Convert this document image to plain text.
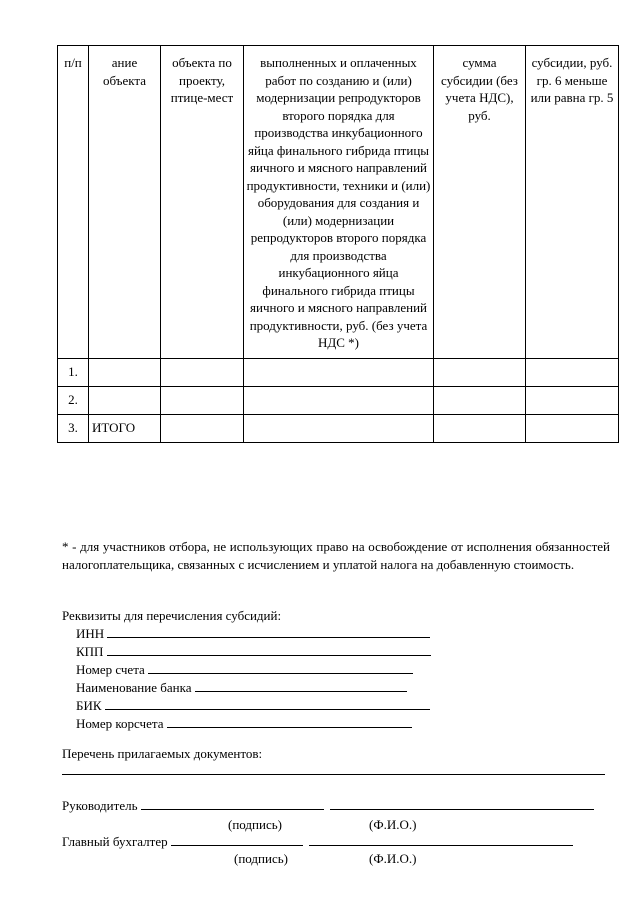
п/п	ание объекта	объекта по проекту, птице-мест	выполненных и оплаченных работ по созданию и (или) модернизации репродукторов второго порядка для производства инкубационного яйца финального гибрида птицы яичного и мясного направлений продуктивности, техники и (или) оборудования для создания и (или) модернизации репродукторов второго порядка для производства инкубационного яйца финального гибрида птицы яичного и мясного направлений продуктивности, руб. (без учета НДС *)	сумма субсидии (без учета НДС), руб.	субсидии, руб. гр. 6 меньше или равна гр. 5
1.					
2.					
3.	ИТОГО				
* - для участников отбора, не использующих право на освобождение от исполнения обязанностей налогоплательщика, связанных с исчислением и уплатой налога на добавленную стоимость.
Реквизиты для перечисления субсидий:
ИНН
КПП
Номер счета
Наименование банка
БИК
Номер корсчета
Перечень прилагаемых документов:
Руководитель
(подпись)	(Ф.И.О.)
Главный бухгалтер
(подпись)	(Ф.И.О.)
